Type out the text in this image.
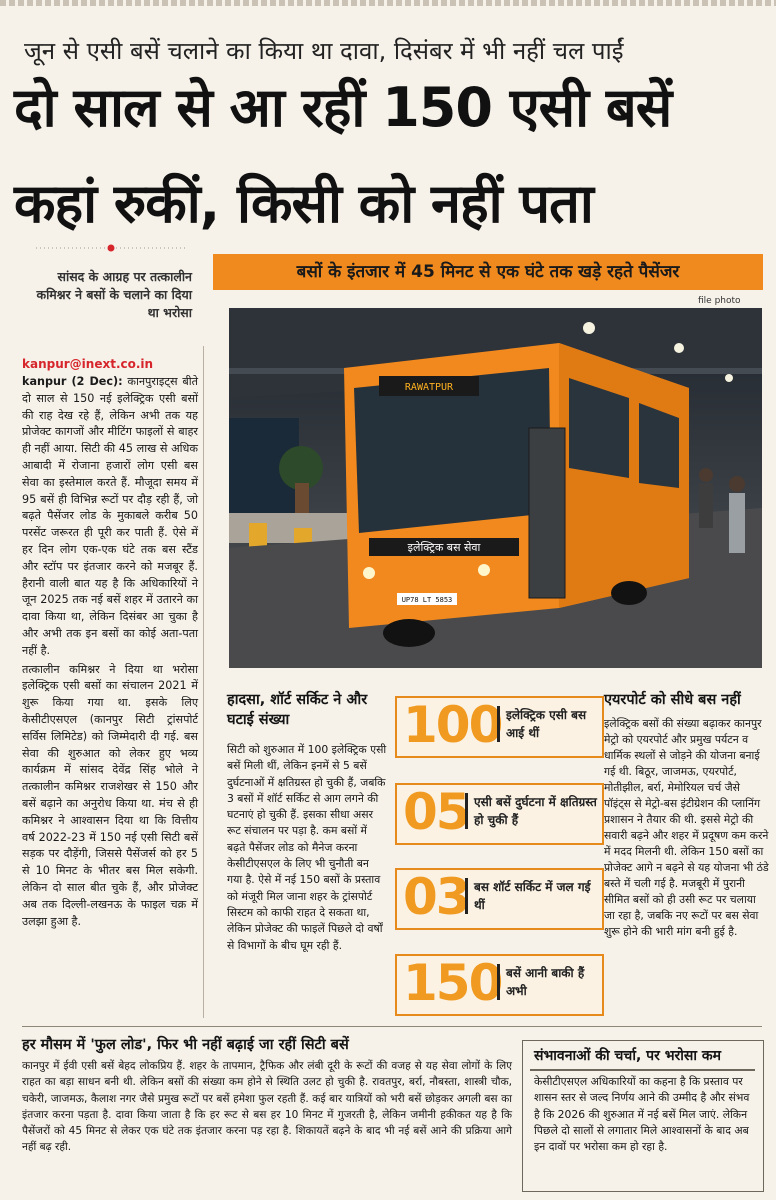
जून से एसी बसें चलाने का किया था दावा, दिसंबर में भी नहीं चल पाईं
दो साल से आ रहीं 150 एसी बसें
कहां रुकीं, किसी को नहीं पता
सांसद के आग्रह पर तत्कालीन कमिश्नर ने बसों के चलाने का दिया था भरोसा
बसों के इंतजार में 45 मिनट से एक घंटे तक खड़े रहते पैसेंजर
file photo
RAWATPUR
इलेक्ट्रिक बस सेवा
UP78 LT 5853
kanpur@inext.co.in

kanpur (2 Dec): कानपुराइट्स बीते दो साल से 150 नई इलेक्ट्रिक एसी बसों की राह देख रहे हैं, लेकिन अभी तक यह प्रोजेक्ट कागजों और मीटिंग फाइलों से बाहर ही नहीं आया. सिटी की 45 लाख से अधिक आबादी में रोजाना हजारों लोग एसी बस सेवा का इस्तेमाल करते हैं. मौजूदा समय में 95 बसें ही विभिन्न रूटों पर दौड़ रही हैं, जो बढ़ते पैसेंजर लोड के मुकाबले करीब 50 परसेंट जरूरत ही पूरी कर पाती हैं. ऐसे में हर दिन लोग एक-एक घंटे तक बस स्टैंड और स्टॉप पर इंतजार करने को मजबूर हैं. हैरानी वाली बात यह है कि अधिकारियों ने जून 2025 तक नई बसें शहर में उतारने का दावा किया था, लेकिन दिसंबर आ चुका है और अभी तक इन बसों का कोई अता-पता नहीं है.

तत्कालीन कमिश्नर ने दिया था भरोसा इलेक्ट्रिक एसी बसों का संचालन 2021 में शुरू किया गया था. इसके लिए केसीटीएसएल (कानपुर सिटी ट्रांसपोर्ट सर्विस लिमिटेड) को जिम्मेदारी दी गई. बस सेवा की शुरुआत को लेकर हुए भव्य कार्यक्रम में सांसद देवेंद्र सिंह भोले ने तत्कालीन कमिश्नर राजशेखर से 150 और बसें बढ़ाने का अनुरोध किया था. मंच से ही कमिश्नर ने आश्वासन दिया था कि वित्तीय वर्ष 2022-23 में 150 नई एसी सिटी बसें सड़क पर दौड़ेंगी, जिससे पैसेंजर्स को हर 5 से 10 मिनट के भीतर बस मिल सकेगी. लेकिन दो साल बीत चुके हैं, और प्रोजेक्ट अब तक दिल्ली-लखनऊ के फाइल चक्र में उलझा हुआ है.

हादसा, शॉर्ट सर्किट ने और घटाई संख्या
सिटी को शुरुआत में 100 इलेक्ट्रिक एसी बसें मिली थीं, लेकिन इनमें से 5 बसें दुर्घटनाओं में क्षतिग्रस्त हो चुकी हैं, जबकि 3 बसों में शॉर्ट सर्किट से आग लगने की घटनाएं हो चुकी हैं. इसका सीधा असर रूट संचालन पर पड़ा है. कम बसों में बढ़ते पैसेंजर लोड को मैनेज करना केसीटीएसएल के लिए भी चुनौती बन गया है. ऐसे में नई 150 बसों के प्रस्ताव को मंजूरी मिल जाना शहर के ट्रांसपोर्ट सिस्टम को काफी राहत दे सकता था, लेकिन प्रोजेक्ट की फाइलें पिछले दो वर्षों से विभागों के बीच घूम रही हैं.
100 इलेक्ट्रिक एसी बस आई थीं
05 एसी बसें दुर्घटना में क्षतिग्रस्त हो चुकी हैं
03 बस शॉर्ट सर्किट में जल गई थीं
150 बसें आनी बाकी हैं अभी
एयरपोर्ट को सीधे बस नहीं
इलेक्ट्रिक बसों की संख्या बढ़ाकर कानपुर मेट्रो को एयरपोर्ट और प्रमुख पर्यटन व धार्मिक स्थलों से जोड़ने की योजना बनाई गई थी. बिठूर, जाजमऊ, एयरपोर्ट, मोतीझील, बर्रा, मेमोरियल चर्च जैसे पॉइंट्स से मेट्रो-बस इंटीग्रेशन की प्लानिंग प्रशासन ने तैयार की थी. इससे मेट्रो की सवारी बढ़ने और शहर में प्रदूषण कम करने में मदद मिलनी थी. लेकिन 150 बसों का प्रोजेक्ट आगे न बढ़ने से यह योजना भी ठंडे बस्ते में चली गई है. मजबूरी में पुरानी सीमित बसों को ही उसी रूट पर चलाया जा रहा है, जबकि नए रूटों पर बस सेवा शुरू होने की भारी मांग बनी हुई है.
हर मौसम में 'फुल लोड', फिर भी नहीं बढ़ाई जा रहीं सिटी बसें
कानपुर में ईवी एसी बसें बेहद लोकप्रिय हैं. शहर के तापमान, ट्रैफिक और लंबी दूरी के रूटों की वजह से यह सेवा लोगों के लिए राहत का बड़ा साधन बनी थी. लेकिन बसों की संख्या कम होने से स्थिति उलट हो चुकी है. रावतपुर, बर्रा, नौबस्ता, शास्त्री चौक, चकेरी, जाजमऊ, कैलाश नगर जैसे प्रमुख रूटों पर बसें हमेशा फुल रहती हैं. कई बार यात्रियों को भरी बसें छोड़कर अगली बस का इंतजार करना पड़ता है. दावा किया जाता है कि हर रूट से बस हर 10 मिनट में गुजरती है, लेकिन जमीनी हकीकत यह है कि पैसेंजरों को 45 मिनट से लेकर एक घंटे तक इंतजार करना पड़ रहा है. शिकायतें बढ़ने के बाद भी नई बसें आने की प्रक्रिया आगे नहीं बढ़ रही.
संभावनाओं की चर्चा, पर भरोसा कम
केसीटीएसएल अधिकारियों का कहना है कि प्रस्ताव पर शासन स्तर से जल्द निर्णय आने की उम्मीद है और संभव है कि 2026 की शुरुआत में नई बसें मिल जाएं. लेकिन पिछले दो सालों से लगातार मिले आश्वासनों के बाद अब इन दावों पर भरोसा कम हो रहा है.
